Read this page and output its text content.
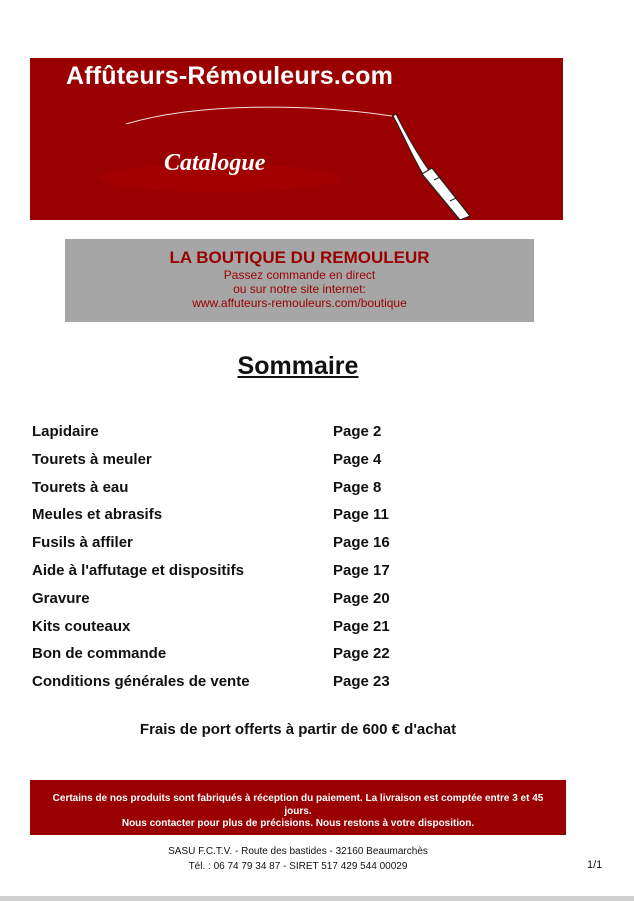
Affûteurs-Rémouleurs.com
Catalogue
LA BOUTIQUE DU REMOULEUR
Passez commande en direct
ou sur notre site internet:
www.affuteurs-remouleurs.com/boutique
Sommaire
Lapidaire	Page 2
Tourets à meuler	Page 4
Tourets à eau	Page 8
Meules et abrasifs	Page 11
Fusils à affiler	Page 16
Aide à l'affutage et dispositifs	Page 17
Gravure	Page 20
Kits couteaux	Page 21
Bon de commande	Page 22
Conditions générales de vente	Page 23
Frais de port offerts à partir de 600 € d'achat
Certains de nos produits sont fabriqués à réception du paiement. La livraison est comptée entre 3 et 45
jours.
Nous contacter pour plus de précisions. Nous restons à votre disposition.
SASU F.C.T.V. - Route des bastides - 32160 Beaumarchès
Tél. : 06 74 79 34 87 - SIRET 517 429 544 00029	1/1
